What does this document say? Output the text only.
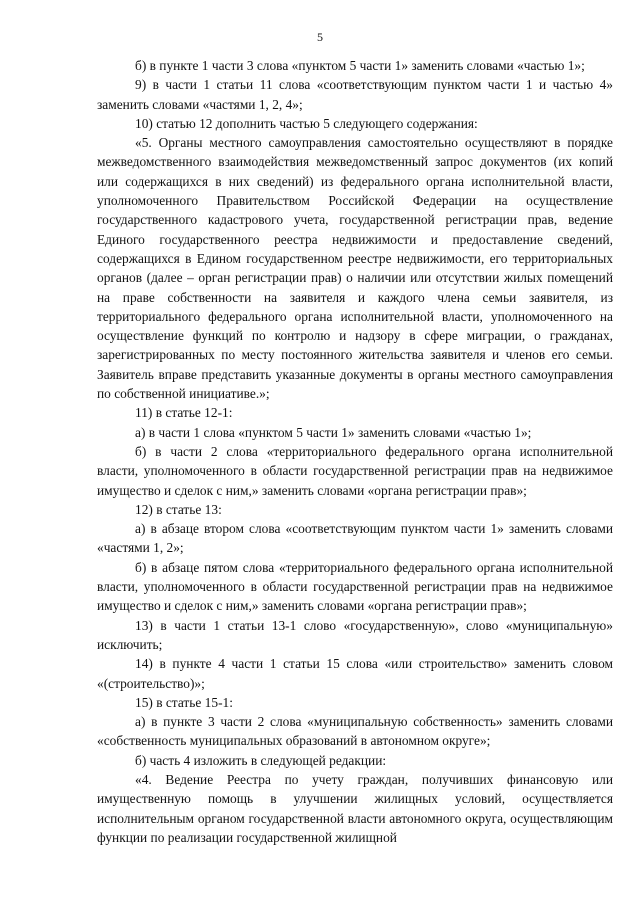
5

б) в пункте 1 части 3 слова «пунктом 5 части 1» заменить словами «частью 1»;

9) в части 1 статьи 11 слова «соответствующим пунктом части 1 и частью 4» заменить словами «частями 1, 2, 4»;

10) статью 12 дополнить частью 5 следующего содержания:

«5. Органы местного самоуправления самостоятельно осуществляют в порядке межведомственного взаимодействия межведомственный запрос документов (их копий или содержащихся в них сведений) из федерального органа исполнительной власти, уполномоченного Правительством Российской Федерации на осуществление государственного кадастрового учета, государственной регистрации прав, ведение Единого государственного реестра недвижимости и предоставление сведений, содержащихся в Едином государственном реестре недвижимости, его территориальных органов (далее – орган регистрации прав) о наличии или отсутствии жилых помещений на праве собственности на заявителя и каждого члена семьи заявителя, из территориального федерального органа исполнительной власти, уполномоченного на осуществление функций по контролю и надзору в сфере миграции, о гражданах, зарегистрированных по месту постоянного жительства заявителя и членов его семьи. Заявитель вправе представить указанные документы в органы местного самоуправления по собственной инициативе.»;

11) в статье 12-1:

а) в части 1 слова «пунктом 5 части 1» заменить словами «частью 1»;

б) в части 2 слова «территориального федерального органа исполнительной власти, уполномоченного в области государственной регистрации прав на недвижимое имущество и сделок с ним,» заменить словами «органа регистрации прав»;

12) в статье 13:

а) в абзаце втором слова «соответствующим пунктом части 1» заменить словами «частями 1, 2»;

б) в абзаце пятом слова «территориального федерального органа исполнительной власти, уполномоченного в области государственной регистрации прав на недвижимое имущество и сделок с ним,» заменить словами «органа регистрации прав»;

13) в части 1 статьи 13-1 слово «государственную», слово «муниципальную» исключить;

14) в пункте 4 части 1 статьи 15 слова «или строительство» заменить словом «(строительство)»;

15) в статье 15-1:

а) в пункте 3 части 2 слова «муниципальную собственность» заменить словами «собственность муниципальных образований в автономном округе»;

б) часть 4 изложить в следующей редакции:

«4. Ведение Реестра по учету граждан, получивших финансовую или имущественную помощь в улучшении жилищных условий, осуществляется исполнительным органом государственной власти автономного округа, осуществляющим функции по реализации государственной жилищной
